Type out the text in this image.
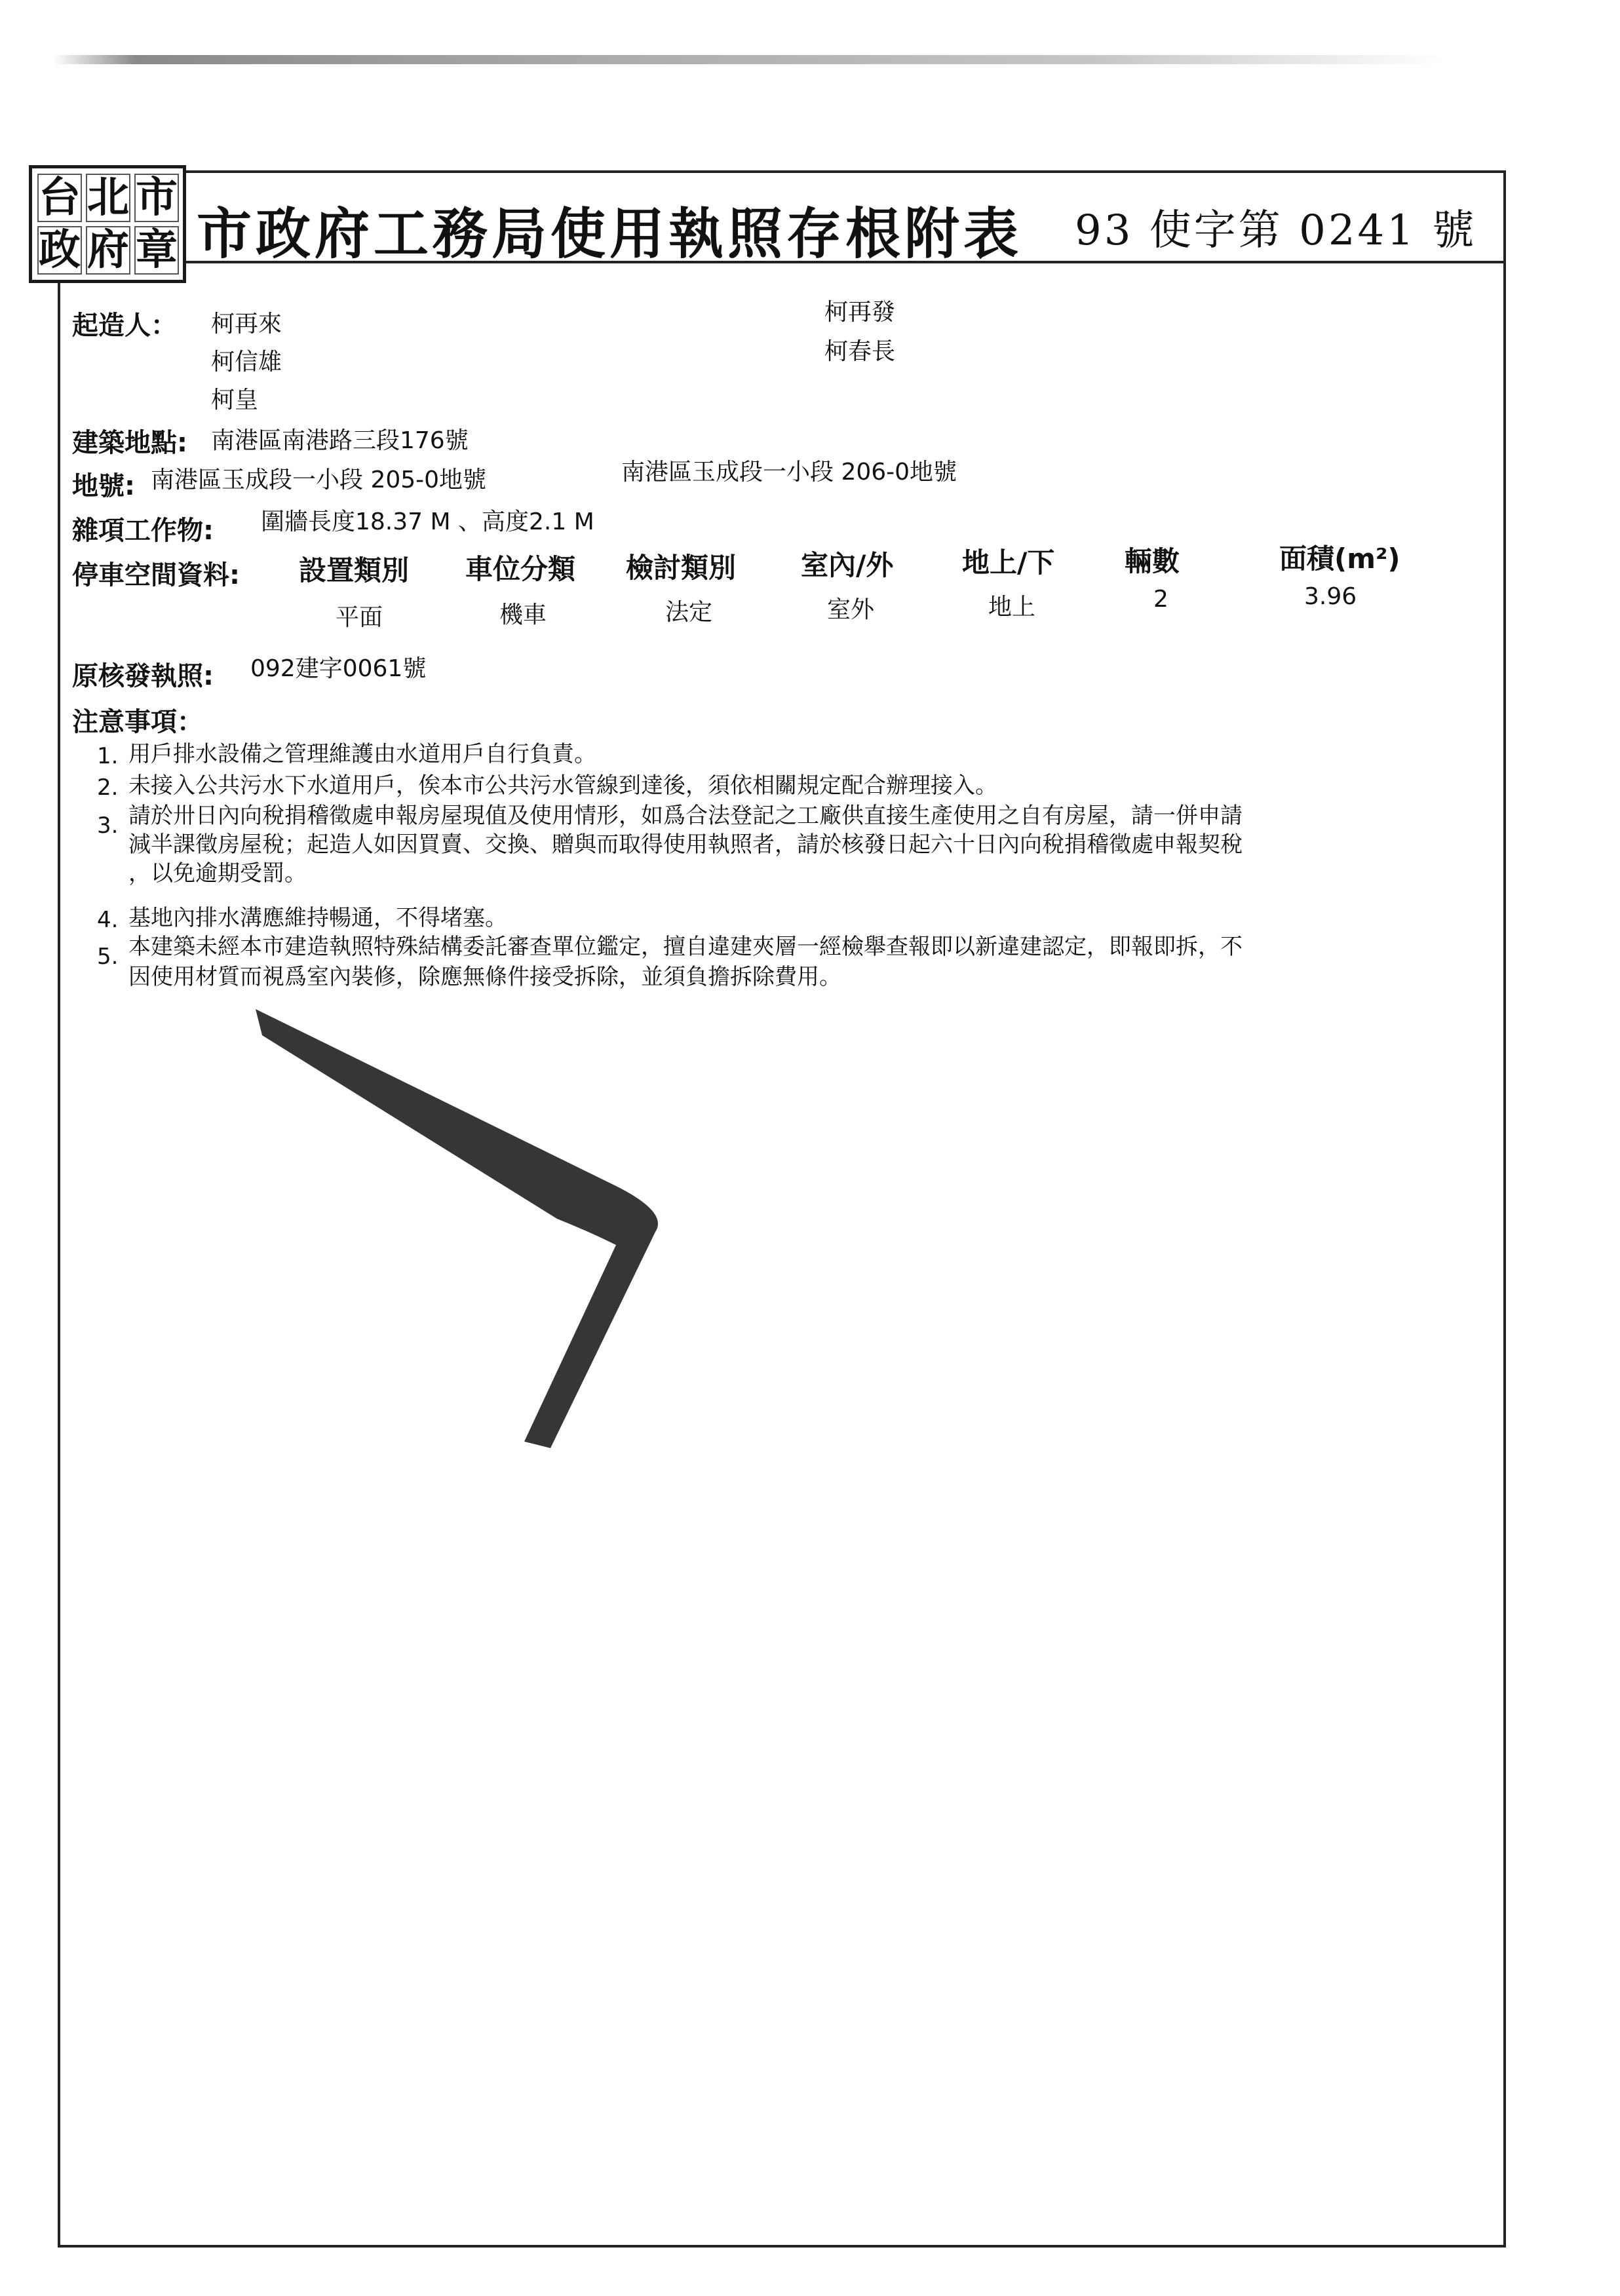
台 北 市
政 府 章 市政府工務局使用執照存根附表 93 使字第 0241 號
起造人： 柯再來
柯信雄
柯皇
柯再發
柯春長
建築地點: 南港區南港路三段176號
地號: 南港區玉成段一小段 205-0地號	南港區玉成段一小段 206-0地號
雜項工作物: 圍牆長度18.37 M 、高度2.1 M
停車空間資料: 設置類別 車位分類 檢討類別 室內/外 地上/下	輛數	面積(m²)
平面	機車	法定	室外	地上	2	3.96
原核發執照: 092建字0061號
注意事項：
1. 用戶排水設備之管理維護由水道用戶自行負責。
2. 未接入公共污水下水道用戶，俟本市公共污水管線到達後，須依相關規定配合辦理接入。
3. 請於卅日內向稅捐稽徵處申報房屋現值及使用情形，如爲合法登記之工廠供直接生產使用之自有房屋，請一併申請
減半課徵房屋稅；起造人如因買賣、交換、贈與而取得使用執照者，請於核發日起六十日內向稅捐稽徵處申報契稅
，以免逾期受罰。
4. 基地內排水溝應維持暢通，不得堵塞。
5. 本建築未經本市建造執照特殊結構委託審查單位鑑定，擅自違建夾層一經檢舉查報即以新違建認定，即報即拆，不
因使用材質而視爲室內裝修，除應無條件接受拆除，並須負擔拆除費用。
